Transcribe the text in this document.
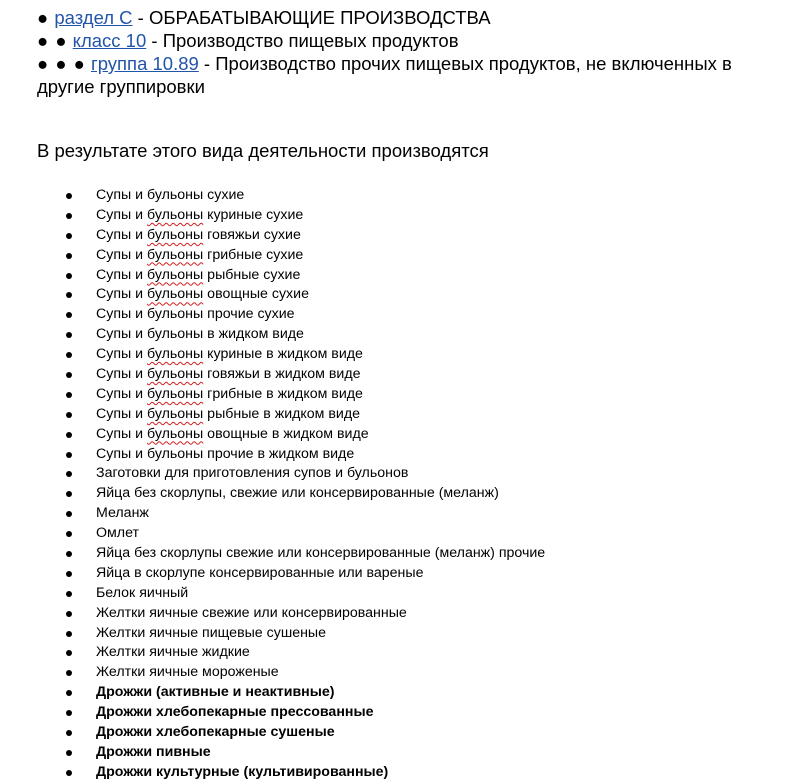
● раздел С - ОБРАБАТЫВАЮЩИЕ ПРОИЗВОДСТВА
● ● класс 10 - Производство пищевых продуктов
● ● ● группа 10.89 - Производство прочих пищевых продуктов, не включенных в другие группировки
В результате этого вида деятельности производятся
Супы и бульоны сухие
Супы и бульоны куриные сухие
Супы и бульоны говяжьи сухие
Супы и бульоны грибные сухие
Супы и бульоны рыбные сухие
Супы и бульоны овощные сухие
Супы и бульоны прочие сухие
Супы и бульоны в жидком виде
Супы и бульоны куриные в жидком виде
Супы и бульоны говяжьи в жидком виде
Супы и бульоны грибные в жидком виде
Супы и бульоны рыбные в жидком виде
Супы и бульоны овощные в жидком виде
Супы и бульоны прочие в жидком виде
Заготовки для приготовления супов и бульонов
Яйца без скорлупы, свежие или консервированные (меланж)
Меланж
Омлет
Яйца без скорлупы свежие или консервированные (меланж) прочие
Яйца в скорлупе консервированные или вареные
Белок яичный
Желтки яичные свежие или консервированные
Желтки яичные пищевые сушеные
Желтки яичные жидкие
Желтки яичные мороженые
Дрожжи (активные и неактивные)
Дрожжи хлебопекарные прессованные
Дрожжи хлебопекарные сушеные
Дрожжи пивные
Дрожжи культурные (культивированные)
